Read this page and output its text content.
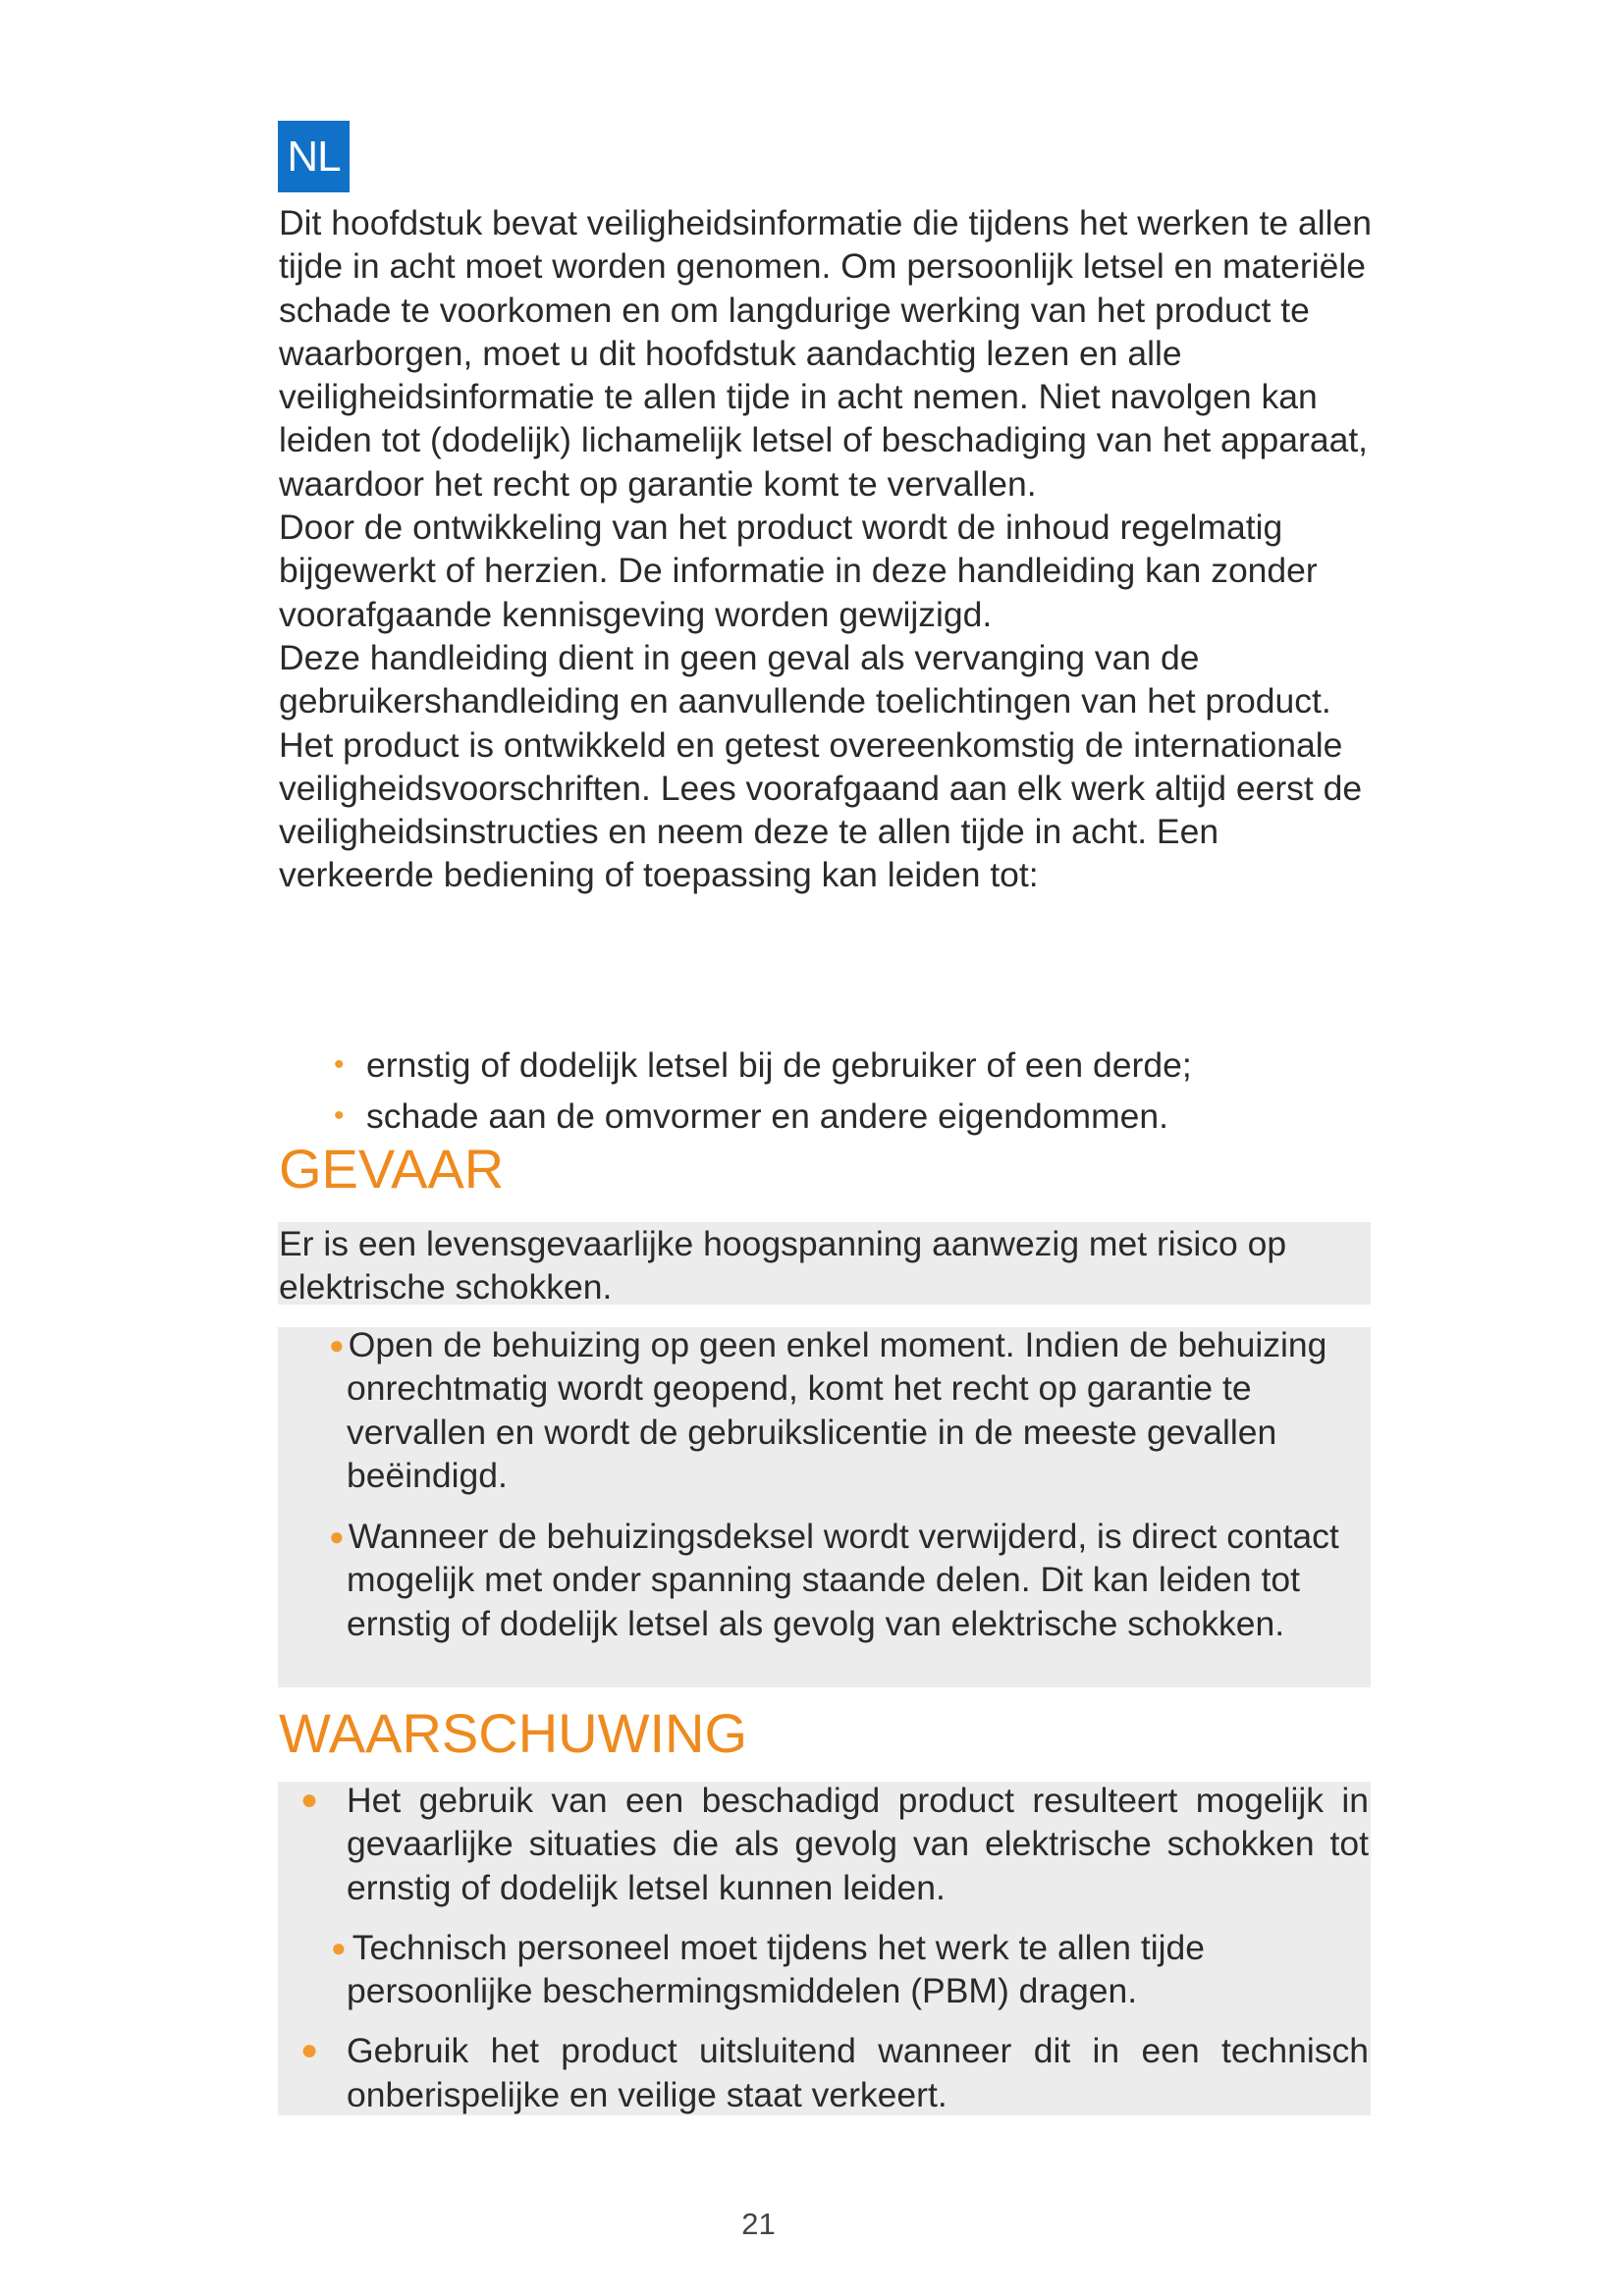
NL

Dit hoofdstuk bevat veiligheidsinformatie die tijdens het werken te allen tijde in acht moet worden genomen. Om persoonlijk letsel en materiële schade te voorkomen en om langdurige werking van het product te waarborgen, moet u dit hoofdstuk aandachtig lezen en alle veiligheidsinformatie te allen tijde in acht nemen. Niet navolgen kan leiden tot (dodelijk) lichamelijk letsel of beschadiging van het apparaat, waardoor het recht op garantie komt te vervallen.

Door de ontwikkeling van het product wordt de inhoud regelmatig bijgewerkt of herzien. De informatie in deze handleiding kan zonder voorafgaande kennisgeving worden gewijzigd.

Deze handleiding dient in geen geval als vervanging van de gebruikershandleiding en aanvullende toelichtingen van het product.

Het product is ontwikkeld en getest overeenkomstig de internationale veiligheidsvoorschriften. Lees voorafgaand aan elk werk altijd eerst de veiligheidsinstructies en neem deze te allen tijde in acht. Een verkeerde bediening of toepassing kan leiden tot:

• ernstig of dodelijk letsel bij de gebruiker of een derde;
• schade aan de omvormer en andere eigendommen.
GEVAAR

Er is een levensgevaarlijke hoogspanning aanwezig met risico op elektrische schokken.

● Open de behuizing op geen enkel moment. Indien de behuizing onrechtmatig wordt geopend, komt het recht op garantie te vervallen en wordt de gebruikslicentie in de meeste gevallen beëindigd.
● Wanneer de behuizingsdeksel wordt verwijderd, is direct contact mogelijk met onder spanning staande delen. Dit kan leiden tot ernstig of dodelijk letsel als gevolg van elektrische schokken.
WAARSCHUWING
● Het gebruik van een beschadigd product resulteert mogelijk in gevaarlijke situaties die als gevolg van elektrische schokken tot ernstig of dodelijk letsel kunnen leiden.
● Technisch personeel moet tijdens het werk te allen tijde persoonlijke beschermingsmiddelen (PBM) dragen.
● Gebruik het product uitsluitend wanneer dit in een technisch onberispelijke en veilige staat verkeert.
21
